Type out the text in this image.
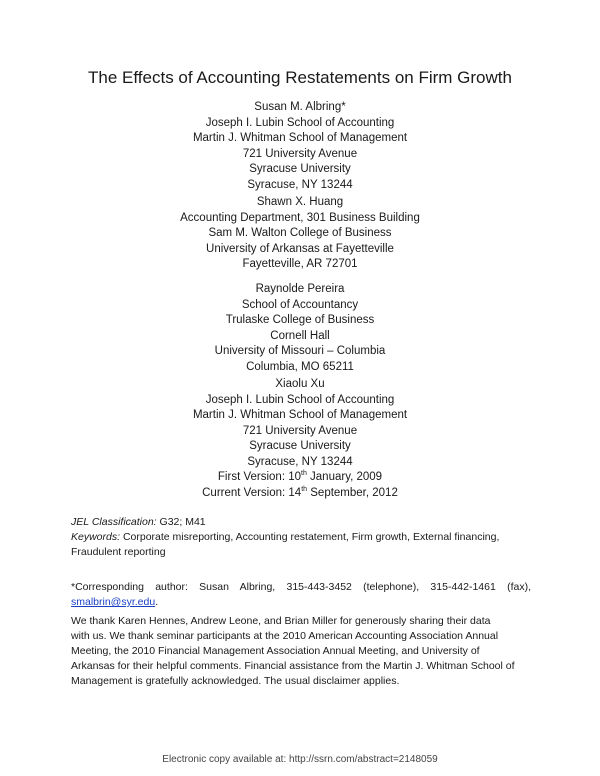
The Effects of Accounting Restatements on Firm Growth
Susan M. Albring*
Joseph I. Lubin School of Accounting
Martin J. Whitman School of Management
721 University Avenue
Syracuse University
Syracuse, NY 13244
Shawn X. Huang
Accounting Department, 301 Business Building
Sam M. Walton College of Business
University of Arkansas at Fayetteville
Fayetteville, AR 72701
Raynolde Pereira
School of Accountancy
Trulaske College of Business
Cornell Hall
University of Missouri – Columbia
Columbia, MO 65211
Xiaolu Xu
Joseph I. Lubin School of Accounting
Martin J. Whitman School of Management
721 University Avenue
Syracuse University
Syracuse, NY 13244
First Version: 10th January, 2009
Current Version: 14th September, 2012
JEL Classification: G32; M41
Keywords: Corporate misreporting, Accounting restatement, Firm growth, External financing,
Fraudulent reporting
*Corresponding author: Susan Albring, 315-443-3452 (telephone), 315-442-1461 (fax),
smalbrin@syr.edu.
We thank Karen Hennes, Andrew Leone, and Brian Miller for generously sharing their data
with us. We thank seminar participants at the 2010 American Accounting Association Annual
Meeting, the 2010 Financial Management Association Annual Meeting, and University of
Arkansas for their helpful comments. Financial assistance from the Martin J. Whitman School of
Management is gratefully acknowledged. The usual disclaimer applies.
Electronic copy available at: http://ssrn.com/abstract=2148059
